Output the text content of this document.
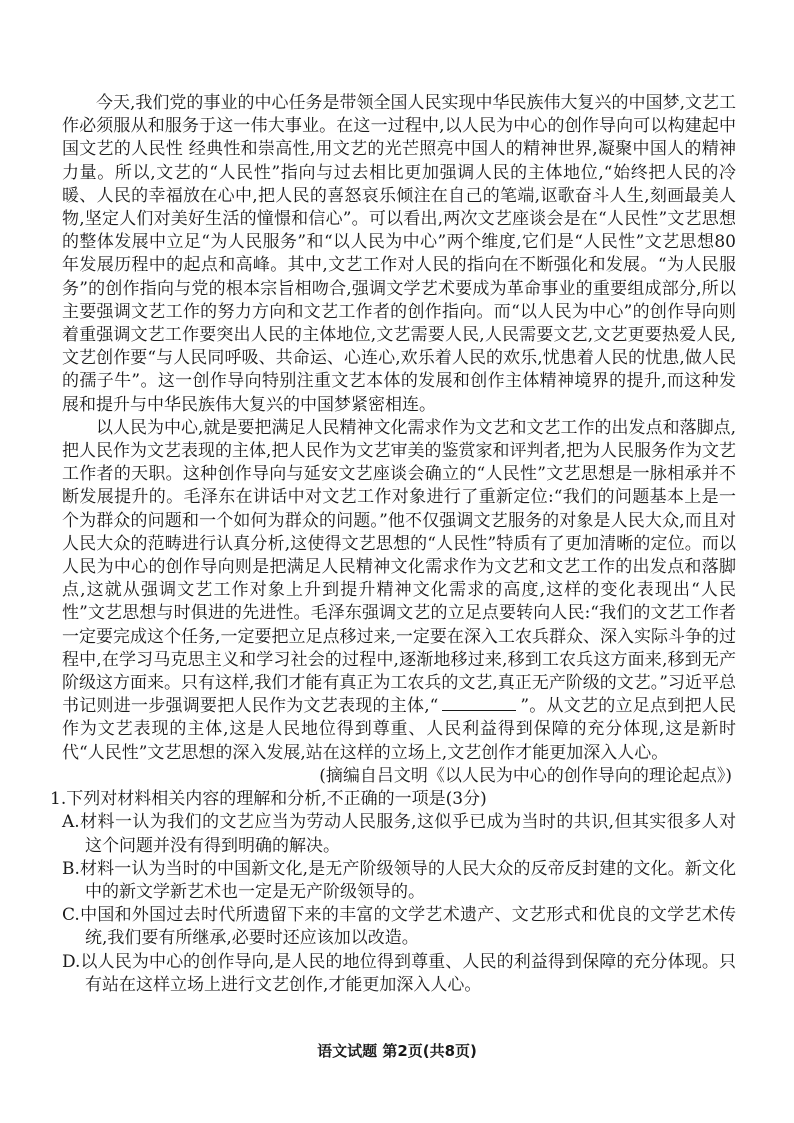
今天,我们党的事业的中心任务是带领全国人民实现中华民族伟大复兴的中国梦,文艺工作必须服从和服务于这一伟大事业。在这一过程中,以人民为中心的创作导向可以构建起中国文艺的人民性 经典性和崇高性,用文艺的光芒照亮中国人的精神世界,凝聚中国人的精神力量。所以,文艺的“人民性”指向与过去相比更加强调人民的主体地位,“始终把人民的冷暖、人民的幸福放在心中,把人民的喜怒哀乐倾注在自己的笔端,讴歌奋斗人生,刻画最美人物,坚定人们对美好生活的憧憬和信心”。可以看出,两次文艺座谈会是在“人民性”文艺思想的整体发展中立足“为人民服务”和“以人民为中心”两个维度,它们是“人民性”文艺思想80年发展历程中的起点和高峰。其中,文艺工作对人民的指向在不断强化和发展。“为人民服务”的创作指向与党的根本宗旨相吻合,强调文学艺术要成为革命事业的重要组成部分,所以主要强调文艺工作的努力方向和文艺工作者的创作指向。而“以人民为中心”的创作导向则着重强调文艺工作要突出人民的主体地位,文艺需要人民,人民需要文艺,文艺更要热爱人民,文艺创作要“与人民同呼吸、共命运、心连心,欢乐着人民的欢乐,忧患着人民的忧患,做人民的孺子牛”。这一创作导向特别注重文艺本体的发展和创作主体精神境界的提升,而这种发展和提升与中华民族伟大复兴的中国梦紧密相连。

以人民为中心,就是要把满足人民精神文化需求作为文艺和文艺工作的出发点和落脚点,把人民作为文艺表现的主体,把人民作为文艺审美的鉴赏家和评判者,把为人民服务作为文艺工作者的天职。这种创作导向与延安文艺座谈会确立的“人民性”文艺思想是一脉相承并不断发展提升的。毛泽东在讲话中对文艺工作对象进行了重新定位:“我们的问题基本上是一个为群众的问题和一个如何为群众的问题。”他不仅强调文艺服务的对象是人民大众,而且对人民大众的范畴进行认真分析,这使得文艺思想的“人民性”特质有了更加清晰的定位。而以人民为中心的创作导向则是把满足人民精神文化需求作为文艺和文艺工作的出发点和落脚点,这就从强调文艺工作对象上升到提升精神文化需求的高度,这样的变化表现出“人民性”文艺思想与时俱进的先进性。毛泽东强调文艺的立足点要转向人民:“我们的文艺工作者一定要完成这个任务,一定要把立足点移过来,一定要在深入工农兵群众、深入实际斗争的过程中,在学习马克思主义和学习社会的过程中,逐渐地移过来,移到工农兵这方面来,移到无产阶级这方面来。只有这样,我们才能有真正为工农兵的文艺,真正无产阶级的文艺。”习近平总书记则进一步强调要把人民作为文艺表现的主体,“	”。从文艺的立足点到把人民作为文艺表现的主体,这是人民地位得到尊重、人民利益得到保障的充分体现,这是新时代“人民性”文艺思想的深入发展,站在这样的立场上,文艺创作才能更加深入人心。

(摘编自吕文明《以人民为中心的创作导向的理论起点》)

1.下列对材料相关内容的理解和分析,不正确的一项是(3分)

A.材料一认为我们的文艺应当为劳动人民服务,这似乎已成为当时的共识,但其实很多人对这个问题并没有得到明确的解决。

B.材料一认为当时的中国新文化,是无产阶级领导的人民大众的反帝反封建的文化。新文化中的新文学新艺术也一定是无产阶级领导的。

C.中国和外国过去时代所遗留下来的丰富的文学艺术遗产、文艺形式和优良的文学艺术传统,我们要有所继承,必要时还应该加以改造。

D.以人民为中心的创作导向,是人民的地位得到尊重、人民的利益得到保障的充分体现。只有站在这样立场上进行文艺创作,才能更加深入人心。

语文试题 第2页(共8页)
